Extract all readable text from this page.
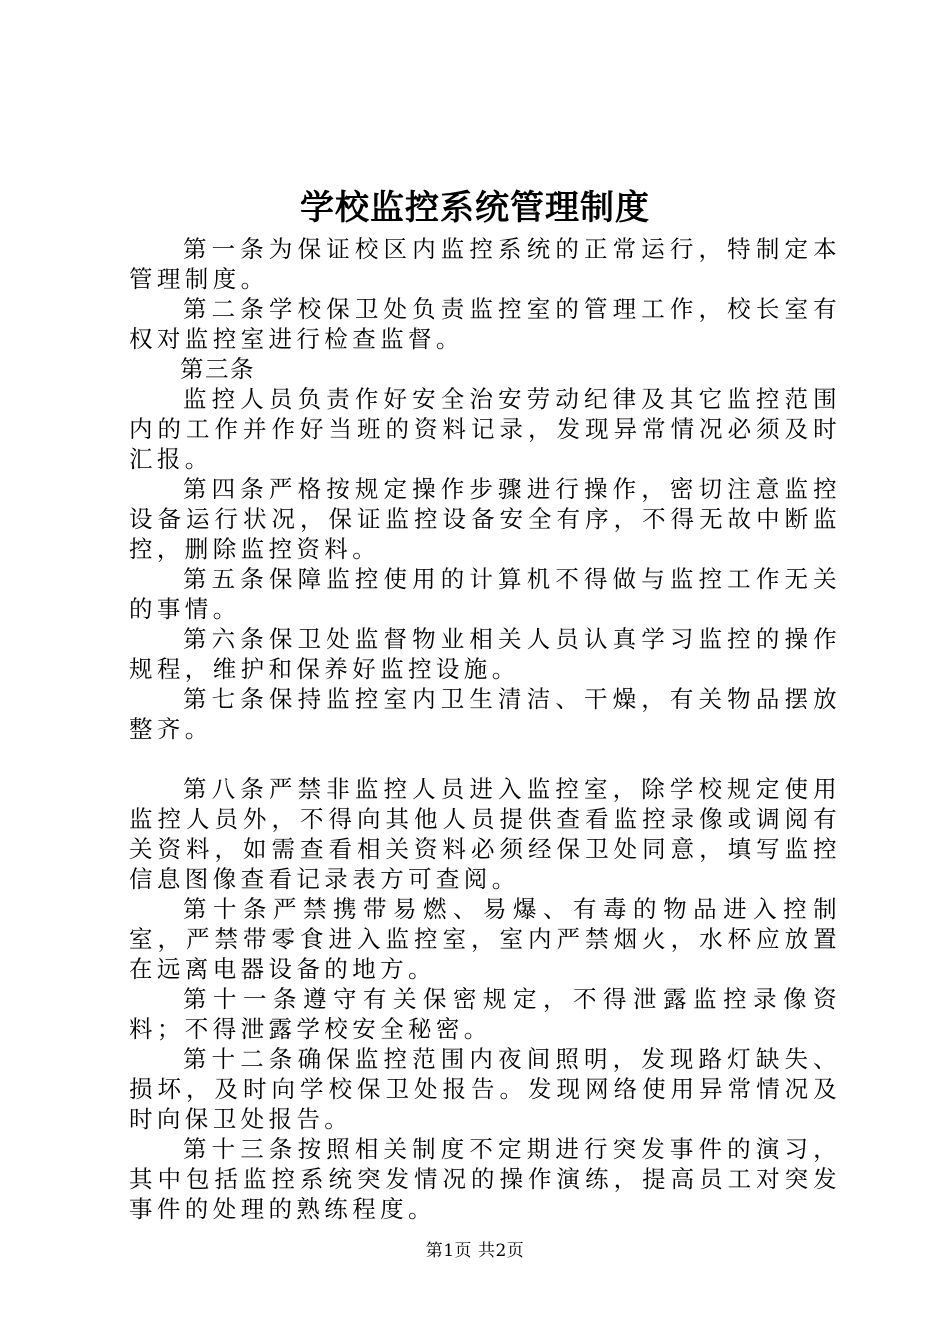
学校监控系统管理制度

第一条为保证校区内监控系统的正常运行，特制定本管理制度。

第二条学校保卫处负责监控室的管理工作，校长室有权对监控室进行检查监督。

第三条

监控人员负责作好安全治安劳动纪律及其它监控范围内的工作并作好当班的资料记录，发现异常情况必须及时汇报。

第四条严格按规定操作步骤进行操作，密切注意监控设备运行状况，保证监控设备安全有序，不得无故中断监控，删除监控资料。

第五条保障监控使用的计算机不得做与监控工作无关的事情。

第六条保卫处监督物业相关人员认真学习监控的操作规程，维护和保养好监控设施。

第七条保持监控室内卫生清洁、干燥，有关物品摆放整齐。

第八条严禁非监控人员进入监控室，除学校规定使用监控人员外，不得向其他人员提供查看监控录像或调阅有关资料，如需查看相关资料必须经保卫处同意，填写监控信息图像查看记录表方可查阅。

第十条严禁携带易燃、易爆、有毒的物品进入控制室，严禁带零食进入监控室，室内严禁烟火，水杯应放置在远离电器设备的地方。

第十一条遵守有关保密规定，不得泄露监控录像资料；不得泄露学校安全秘密。

第十二条确保监控范围内夜间照明，发现路灯缺失、损坏，及时向学校保卫处报告。发现网络使用异常情况及时向保卫处报告。

第十三条按照相关制度不定期进行突发事件的演习，其中包括监控系统突发情况的操作演练，提高员工对突发事件的处理的熟练程度。

第1页 共2页
